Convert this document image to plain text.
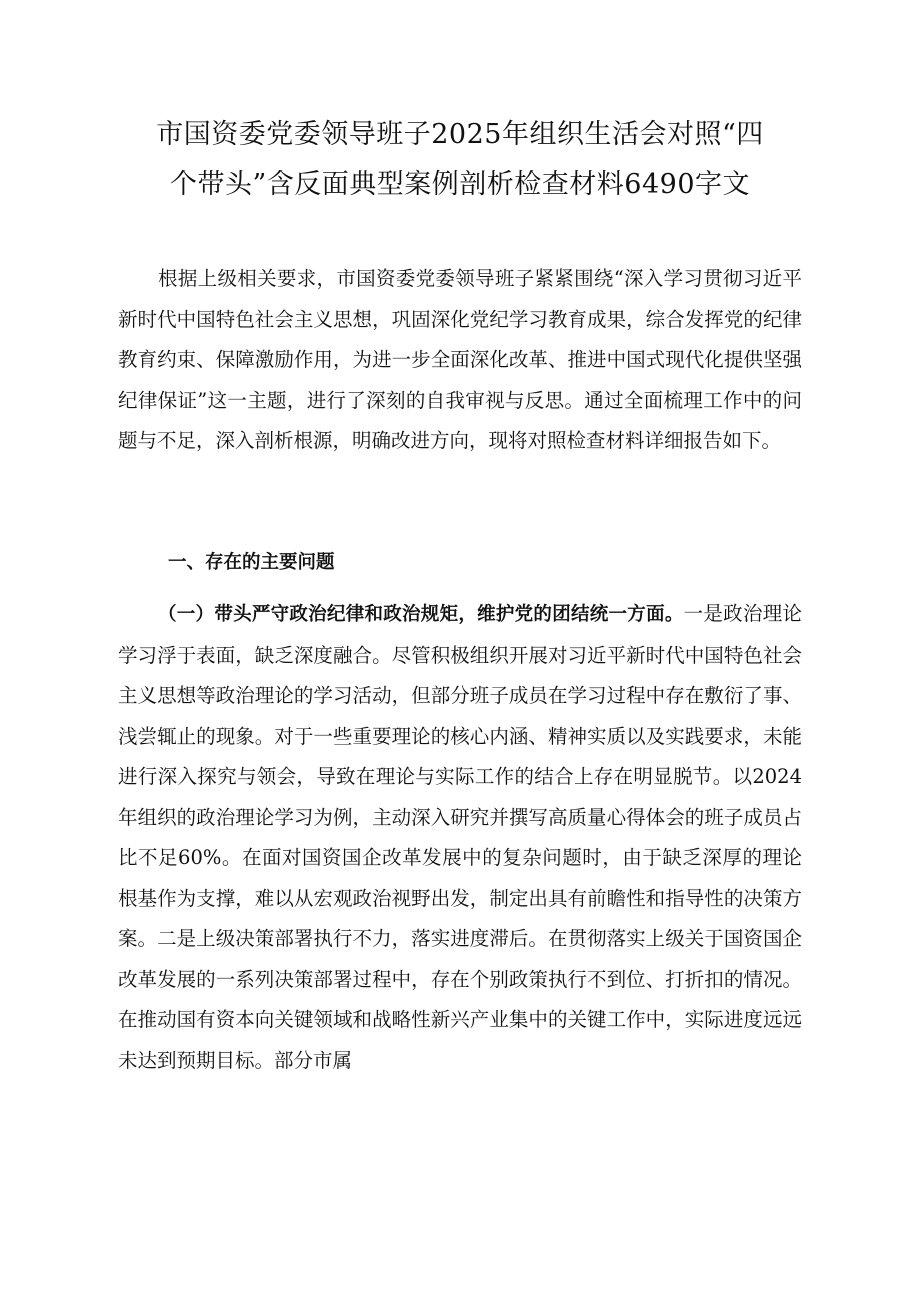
市国资委党委领导班子2025年组织生活会对照“四
个带头”含反面典型案例剖析检查材料6490字文

根据上级相关要求，市国资委党委领导班子紧紧围绕“深入学习贯彻习近平新时代中国特色社会主义思想，巩固深化党纪学习教育成果，综合发挥党的纪律教育约束、保障激励作用，为进一步全面深化改革、推进中国式现代化提供坚强纪律保证”这一主题，进行了深刻的自我审视与反思。通过全面梳理工作中的问题与不足，深入剖析根源，明确改进方向，现将对照检查材料详细报告如下。

一、存在的主要问题

（一）带头严守政治纪律和政治规矩，维护党的团结统一方面。一是政治理论学习浮于表面，缺乏深度融合。尽管积极组织开展对习近平新时代中国特色社会主义思想等政治理论的学习活动，但部分班子成员在学习过程中存在敷衍了事、浅尝辄止的现象。对于一些重要理论的核心内涵、精神实质以及实践要求，未能进行深入探究与领会，导致在理论与实际工作的结合上存在明显脱节。以2024年组织的政治理论学习为例，主动深入研究并撰写高质量心得体会的班子成员占比不足60%。在面对国资国企改革发展中的复杂问题时，由于缺乏深厚的理论根基作为支撑，难以从宏观政治视野出发，制定出具有前瞻性和指导性的决策方案。二是上级决策部署执行不力，落实进度滞后。在贯彻落实上级关于国资国企改革发展的一系列决策部署过程中，存在个别政策执行不到位、打折扣的情况。在推动国有资本向关键领域和战略性新兴产业集中的关键工作中，实际进度远远未达到预期目标。部分市属
